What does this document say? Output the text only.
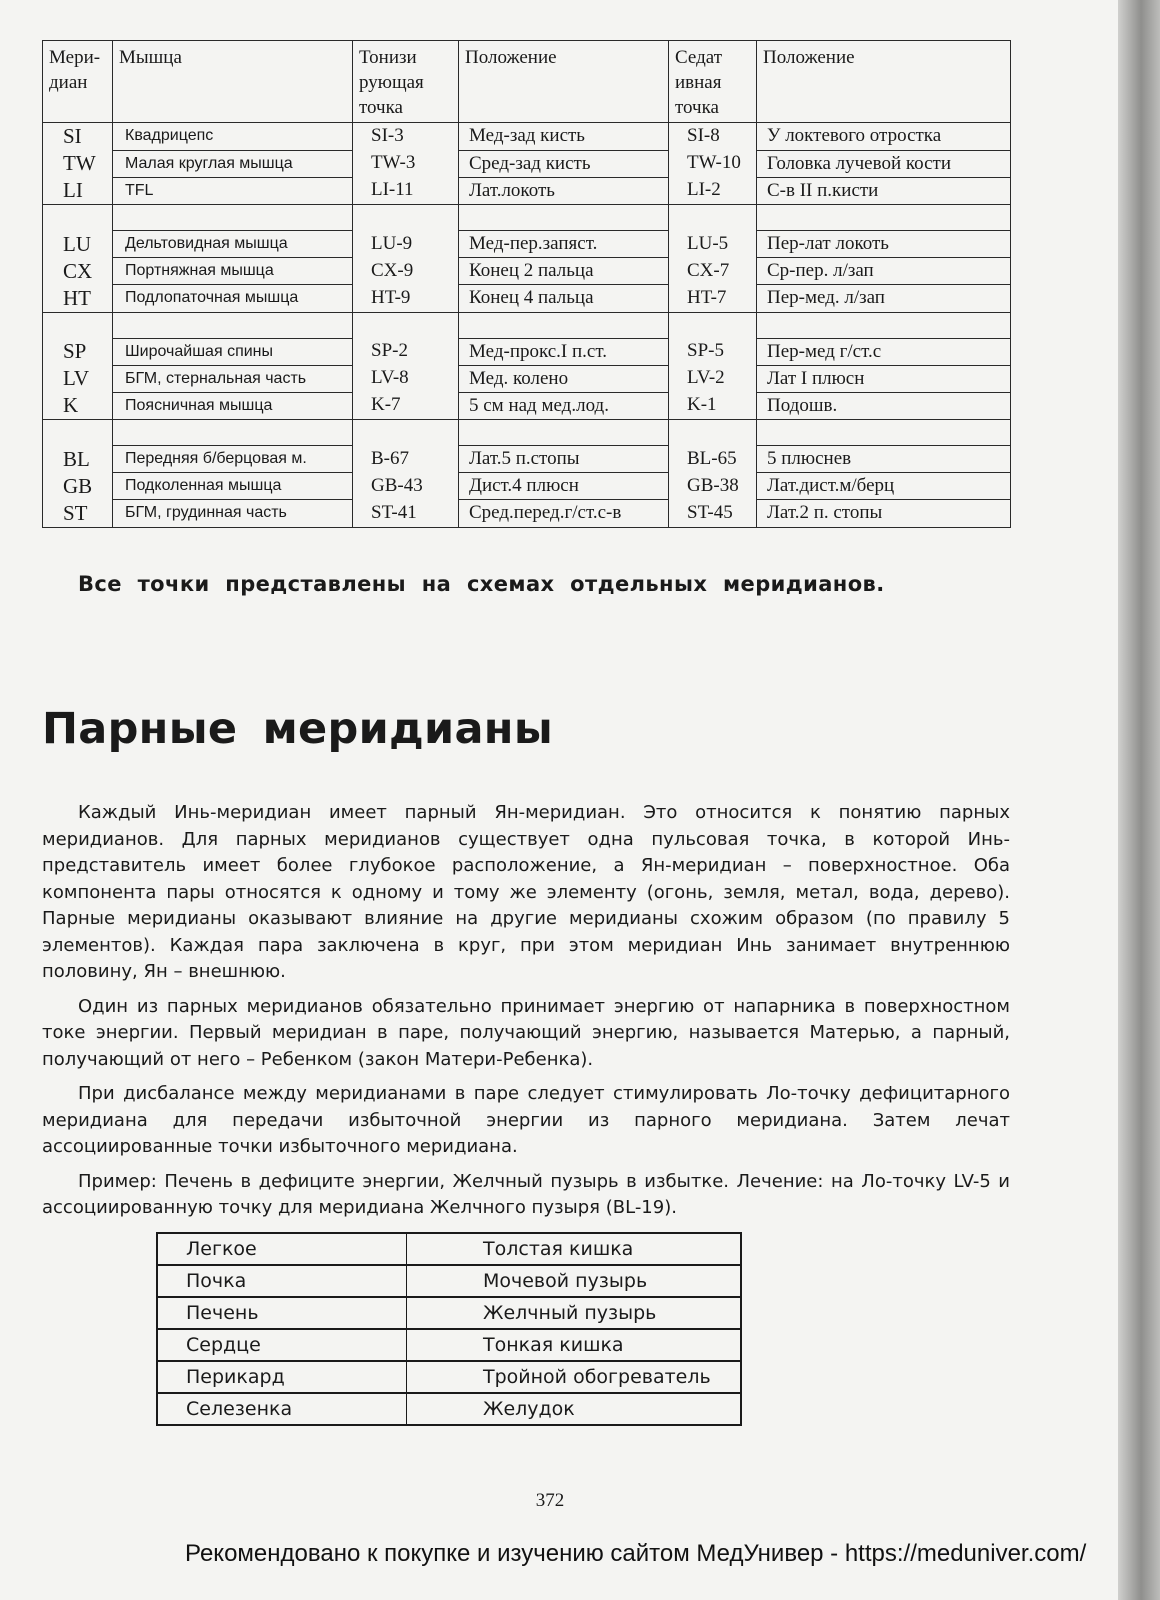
Мери-диан	Мышца	Тонизи рующая точка	Положение	Седат ивная точка	Положение
SI	Квадрицепс	SI-3	Мед-зад кисть	SI-8	У локтевого отростка
TW	Малая круглая мышца	TW-3	Сред-зад кисть	TW-10	Головка лучевой кости
LI	TFL	LI-11	Лат.локоть	LI-2	С-в II п.кисти

LU	Дельтовидная мышца	LU-9	Мед-пер.запяст.	LU-5	Пер-лат локоть
CX	Портняжная мышца	CX-9	Конец 2 пальца	CX-7	Ср-пер. л/зап
HT	Подлопаточная мышца	HT-9	Конец 4 пальца	HT-7	Пер-мед. л/зап

SP	Широчайшая спины	SP-2	Мед-прокс.I п.ст.	SP-5	Пер-мед г/ст.с
LV	БГМ, стернальная часть	LV-8	Мед. колено	LV-2	Лат I плюсн
K	Поясничная мышца	K-7	5 см над мед.лод.	K-1	Подошв.

BL	Передняя б/берцовая м.	B-67	Лат.5 п.стопы	BL-65	5 плюснев
GB	Подколенная мышца	GB-43	Дист.4 плюсн	GB-38	Лат.дист.м/берц
ST	БГМ, грудинная часть	ST-41	Сред.перед.г/ст.с-в	ST-45	Лат.2 п. стопы
Все точки представлены на схемах отдельных меридианов.
Парные меридианы

Каждый Инь-меридиан имеет парный Ян-меридиан. Это относится к понятию парных меридианов. Для парных меридианов существует одна пульсовая точка, в которой Инь-представитель имеет более глубокое расположение, а Ян-меридиан – поверхностное. Оба компонента пары относятся к одному и тому же элементу (огонь, земля, метал, вода, дерево). Парные меридианы оказывают влияние на другие меридианы схожим образом (по правилу 5 элементов). Каждая пара заключена в круг, при этом меридиан Инь занимает внутреннюю половину, Ян – внешнюю.

Один из парных меридианов обязательно принимает энергию от напарника в поверхностном токе энергии. Первый меридиан в паре, получающий энергию, называется Матерью, а парный, получающий от него – Ребенком (закон Матери-Ребенка).

При дисбалансе между меридианами в паре следует стимулировать Ло-точку дефицитарного меридиана для передачи избыточной энергии из парного меридиана. Затем лечат ассоциированные точки избыточного меридиана.

Пример: Печень в дефиците энергии, Желчный пузырь в избытке. Лечение: на Ло-точку LV-5 и ассоциированную точку для меридиана Желчного пузыря (BL-19).

Легкое	Толстая кишка
Почка	Мочевой пузырь
Печень	Желчный пузырь
Сердце	Тонкая кишка
Перикард	Тройной обогреватель
Селезенка	Желудок
372
Рекомендовано к покупке и изучению сайтом МедУнивер - https://meduniver.com/
